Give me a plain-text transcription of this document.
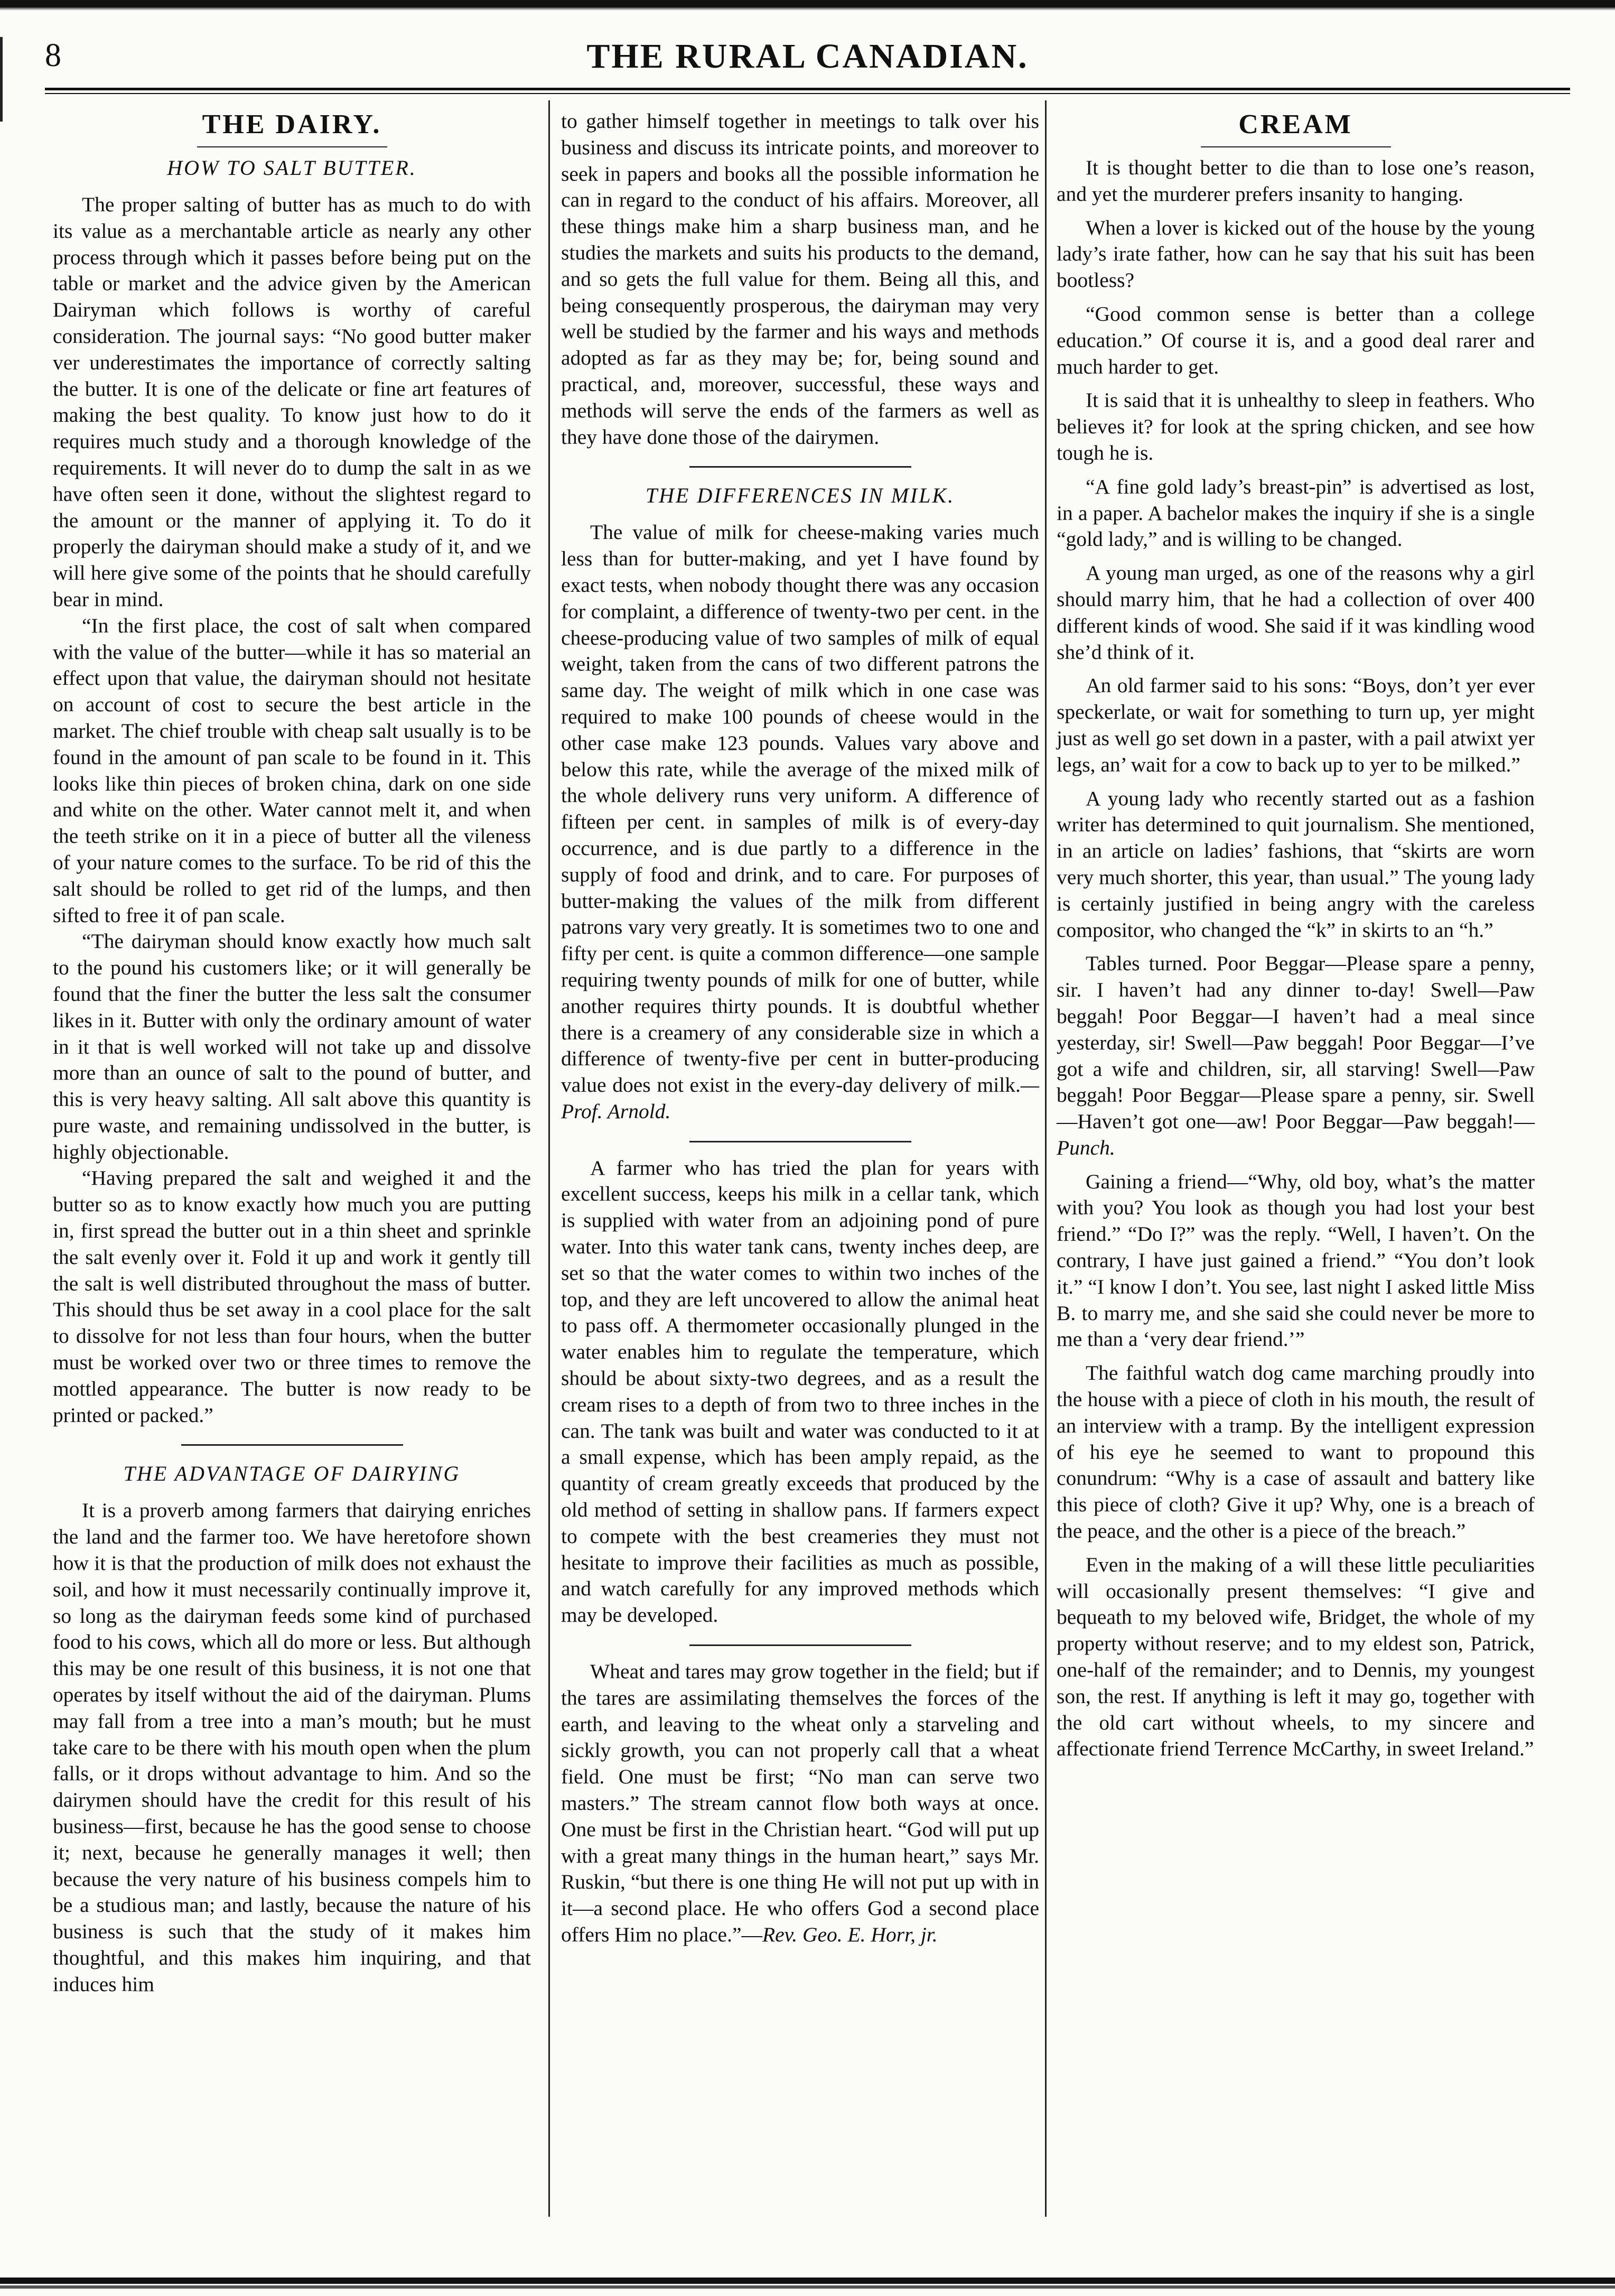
8	THE RURAL CANADIAN.
THE DAIRY.
HOW TO SALT BUTTER.

The proper salting of butter has as much to do with its value as a merchantable article as nearly any other process through which it passes before being put on the table or market and the advice given by the American Dairyman which follows is worthy of careful consideration. The journal says: “No good butter maker ver underestimates the importance of correctly salting the butter. It is one of the delicate or fine art features of making the best quality. To know just how to do it requires much study and a thorough knowledge of the requirements. It will never do to dump the salt in as we have often seen it done, without the slightest regard to the amount or the manner of applying it. To do it properly the dairyman should make a study of it, and we will here give some of the points that he should carefully bear in mind.

“In the first place, the cost of salt when compared with the value of the butter—while it has so material an effect upon that value, the dairyman should not hesitate on account of cost to secure the best article in the market. The chief trouble with cheap salt usually is to be found in the amount of pan scale to be found in it. This looks like thin pieces of broken china, dark on one side and white on the other. Water cannot melt it, and when the teeth strike on it in a piece of butter all the vileness of your nature comes to the surface. To be rid of this the salt should be rolled to get rid of the lumps, and then sifted to free it of pan scale.

“The dairyman should know exactly how much salt to the pound his customers like; or it will generally be found that the finer the butter the less salt the consumer likes in it. Butter with only the ordinary amount of water in it that is well worked will not take up and dissolve more than an ounce of salt to the pound of butter, and this is very heavy salting. All salt above this quantity is pure waste, and remaining undissolved in the butter, is highly objectionable.

“Having prepared the salt and weighed it and the butter so as to know exactly how much you are putting in, first spread the butter out in a thin sheet and sprinkle the salt evenly over it. Fold it up and work it gently till the salt is well distributed throughout the mass of butter. This should thus be set away in a cool place for the salt to dissolve for not less than four hours, when the butter must be worked over two or three times to remove the mottled appearance. The butter is now ready to be printed or packed.”

THE ADVANTAGE OF DAIRYING

It is a proverb among farmers that dairying enriches the land and the farmer too. We have heretofore shown how it is that the production of milk does not exhaust the soil, and how it must necessarily continually improve it, so long as the dairyman feeds some kind of purchased food to his cows, which all do more or less. But although this may be one result of this business, it is not one that operates by itself without the aid of the dairyman. Plums may fall from a tree into a man’s mouth; but he must take care to be there with his mouth open when the plum falls, or it drops without advantage to him. And so the dairymen should have the credit for this result of his business—first, because he has the good sense to choose it; next, because he generally manages it well; then because the very nature of his business compels him to be a studious man; and lastly, because the nature of his business is such that the study of it makes him thoughtful, and this makes him inquiring, and that induces him

to gather himself together in meetings to talk over his business and discuss its intricate points, and moreover to seek in papers and books all the possible information he can in regard to the conduct of his affairs. Moreover, all these things make him a sharp business man, and he studies the markets and suits his products to the demand, and so gets the full value for them. Being all this, and being consequently prosperous, the dairyman may very well be studied by the farmer and his ways and methods adopted as far as they may be; for, being sound and practical, and, moreover, successful, these ways and methods will serve the ends of the farmers as well as they have done those of the dairymen.

THE DIFFERENCES IN MILK.

The value of milk for cheese-making varies much less than for butter-making, and yet I have found by exact tests, when nobody thought there was any occasion for complaint, a difference of twenty-two per cent. in the cheese-producing value of two samples of milk of equal weight, taken from the cans of two different patrons the same day. The weight of milk which in one case was required to make 100 pounds of cheese would in the other case make 123 pounds. Values vary above and below this rate, while the average of the mixed milk of the whole delivery runs very uniform. A difference of fifteen per cent. in samples of milk is of every-day occurrence, and is due partly to a difference in the supply of food and drink, and to care. For purposes of butter-making the values of the milk from different patrons vary very greatly. It is sometimes two to one and fifty per cent. is quite a common difference—one sample requiring twenty pounds of milk for one of butter, while another requires thirty pounds. It is doubtful whether there is a creamery of any considerable size in which a difference of twenty-five per cent in butter-producing value does not exist in the every-day delivery of milk.—Prof. Arnold.

A farmer who has tried the plan for years with excellent success, keeps his milk in a cellar tank, which is supplied with water from an adjoining pond of pure water. Into this water tank cans, twenty inches deep, are set so that the water comes to within two inches of the top, and they are left uncovered to allow the animal heat to pass off. A thermometer occasionally plunged in the water enables him to regulate the temperature, which should be about sixty-two degrees, and as a result the cream rises to a depth of from two to three inches in the can. The tank was built and water was conducted to it at a small expense, which has been amply repaid, as the quantity of cream greatly exceeds that produced by the old method of setting in shallow pans. If farmers expect to compete with the best creameries they must not hesitate to improve their facilities as much as possible, and watch carefully for any improved methods which may be developed.

Wheat and tares may grow together in the field; but if the tares are assimilating themselves the forces of the earth, and leaving to the wheat only a starveling and sickly growth, you can not properly call that a wheat field. One must be first; “No man can serve two masters.” The stream cannot flow both ways at once. One must be first in the Christian heart. “God will put up with a great many things in the human heart,” says Mr. Ruskin, “but there is one thing He will not put up with in it—a second place. He who offers God a second place offers Him no place.”—Rev. Geo. E. Horr, jr.

CREAM

It is thought better to die than to lose one’s reason, and yet the murderer prefers insanity to hanging.

When a lover is kicked out of the house by the young lady’s irate father, how can he say that his suit has been bootless?

“Good common sense is better than a college education.” Of course it is, and a good deal rarer and much harder to get.

It is said that it is unhealthy to sleep in feathers. Who believes it? for look at the spring chicken, and see how tough he is.

“A fine gold lady’s breast-pin” is advertised as lost, in a paper. A bachelor makes the inquiry if she is a single “gold lady,” and is willing to be changed.

A young man urged, as one of the reasons why a girl should marry him, that he had a collection of over 400 different kinds of wood. She said if it was kindling wood she’d think of it.

An old farmer said to his sons: “Boys, don’t yer ever speckerlate, or wait for something to turn up, yer might just as well go set down in a paster, with a pail atwixt yer legs, an’ wait for a cow to back up to yer to be milked.”

A young lady who recently started out as a fashion writer has determined to quit journalism. She mentioned, in an article on ladies’ fashions, that “skirts are worn very much shorter, this year, than usual.” The young lady is certainly justified in being angry with the careless compositor, who changed the “k” in skirts to an “h.”

Tables turned. Poor Beggar—Please spare a penny, sir. I haven’t had any dinner to-day! Swell—Paw beggah! Poor Beggar—I haven’t had a meal since yesterday, sir! Swell—Paw beggah! Poor Beggar—I’ve got a wife and children, sir, all starving! Swell—Paw beggah! Poor Beggar—Please spare a penny, sir. Swell—Haven’t got one—aw! Poor Beggar—Paw beggah!—Punch.

Gaining a friend—“Why, old boy, what’s the matter with you? You look as though you had lost your best friend.” “Do I?” was the reply. “Well, I haven’t. On the contrary, I have just gained a friend.” “You don’t look it.” “I know I don’t. You see, last night I asked little Miss B. to marry me, and she said she could never be more to me than a ‘very dear friend.’”

The faithful watch dog came marching proudly into the house with a piece of cloth in his mouth, the result of an interview with a tramp. By the intelligent expression of his eye he seemed to want to propound this conundrum: “Why is a case of assault and battery like this piece of cloth? Give it up? Why, one is a breach of the peace, and the other is a piece of the breach.”

Even in the making of a will these little peculiarities will occasionally present themselves: “I give and bequeath to my beloved wife, Bridget, the whole of my property without reserve; and to my eldest son, Patrick, one-half of the remainder; and to Dennis, my youngest son, the rest. If anything is left it may go, together with the old cart without wheels, to my sincere and affectionate friend Terrence McCarthy, in sweet Ireland.”
